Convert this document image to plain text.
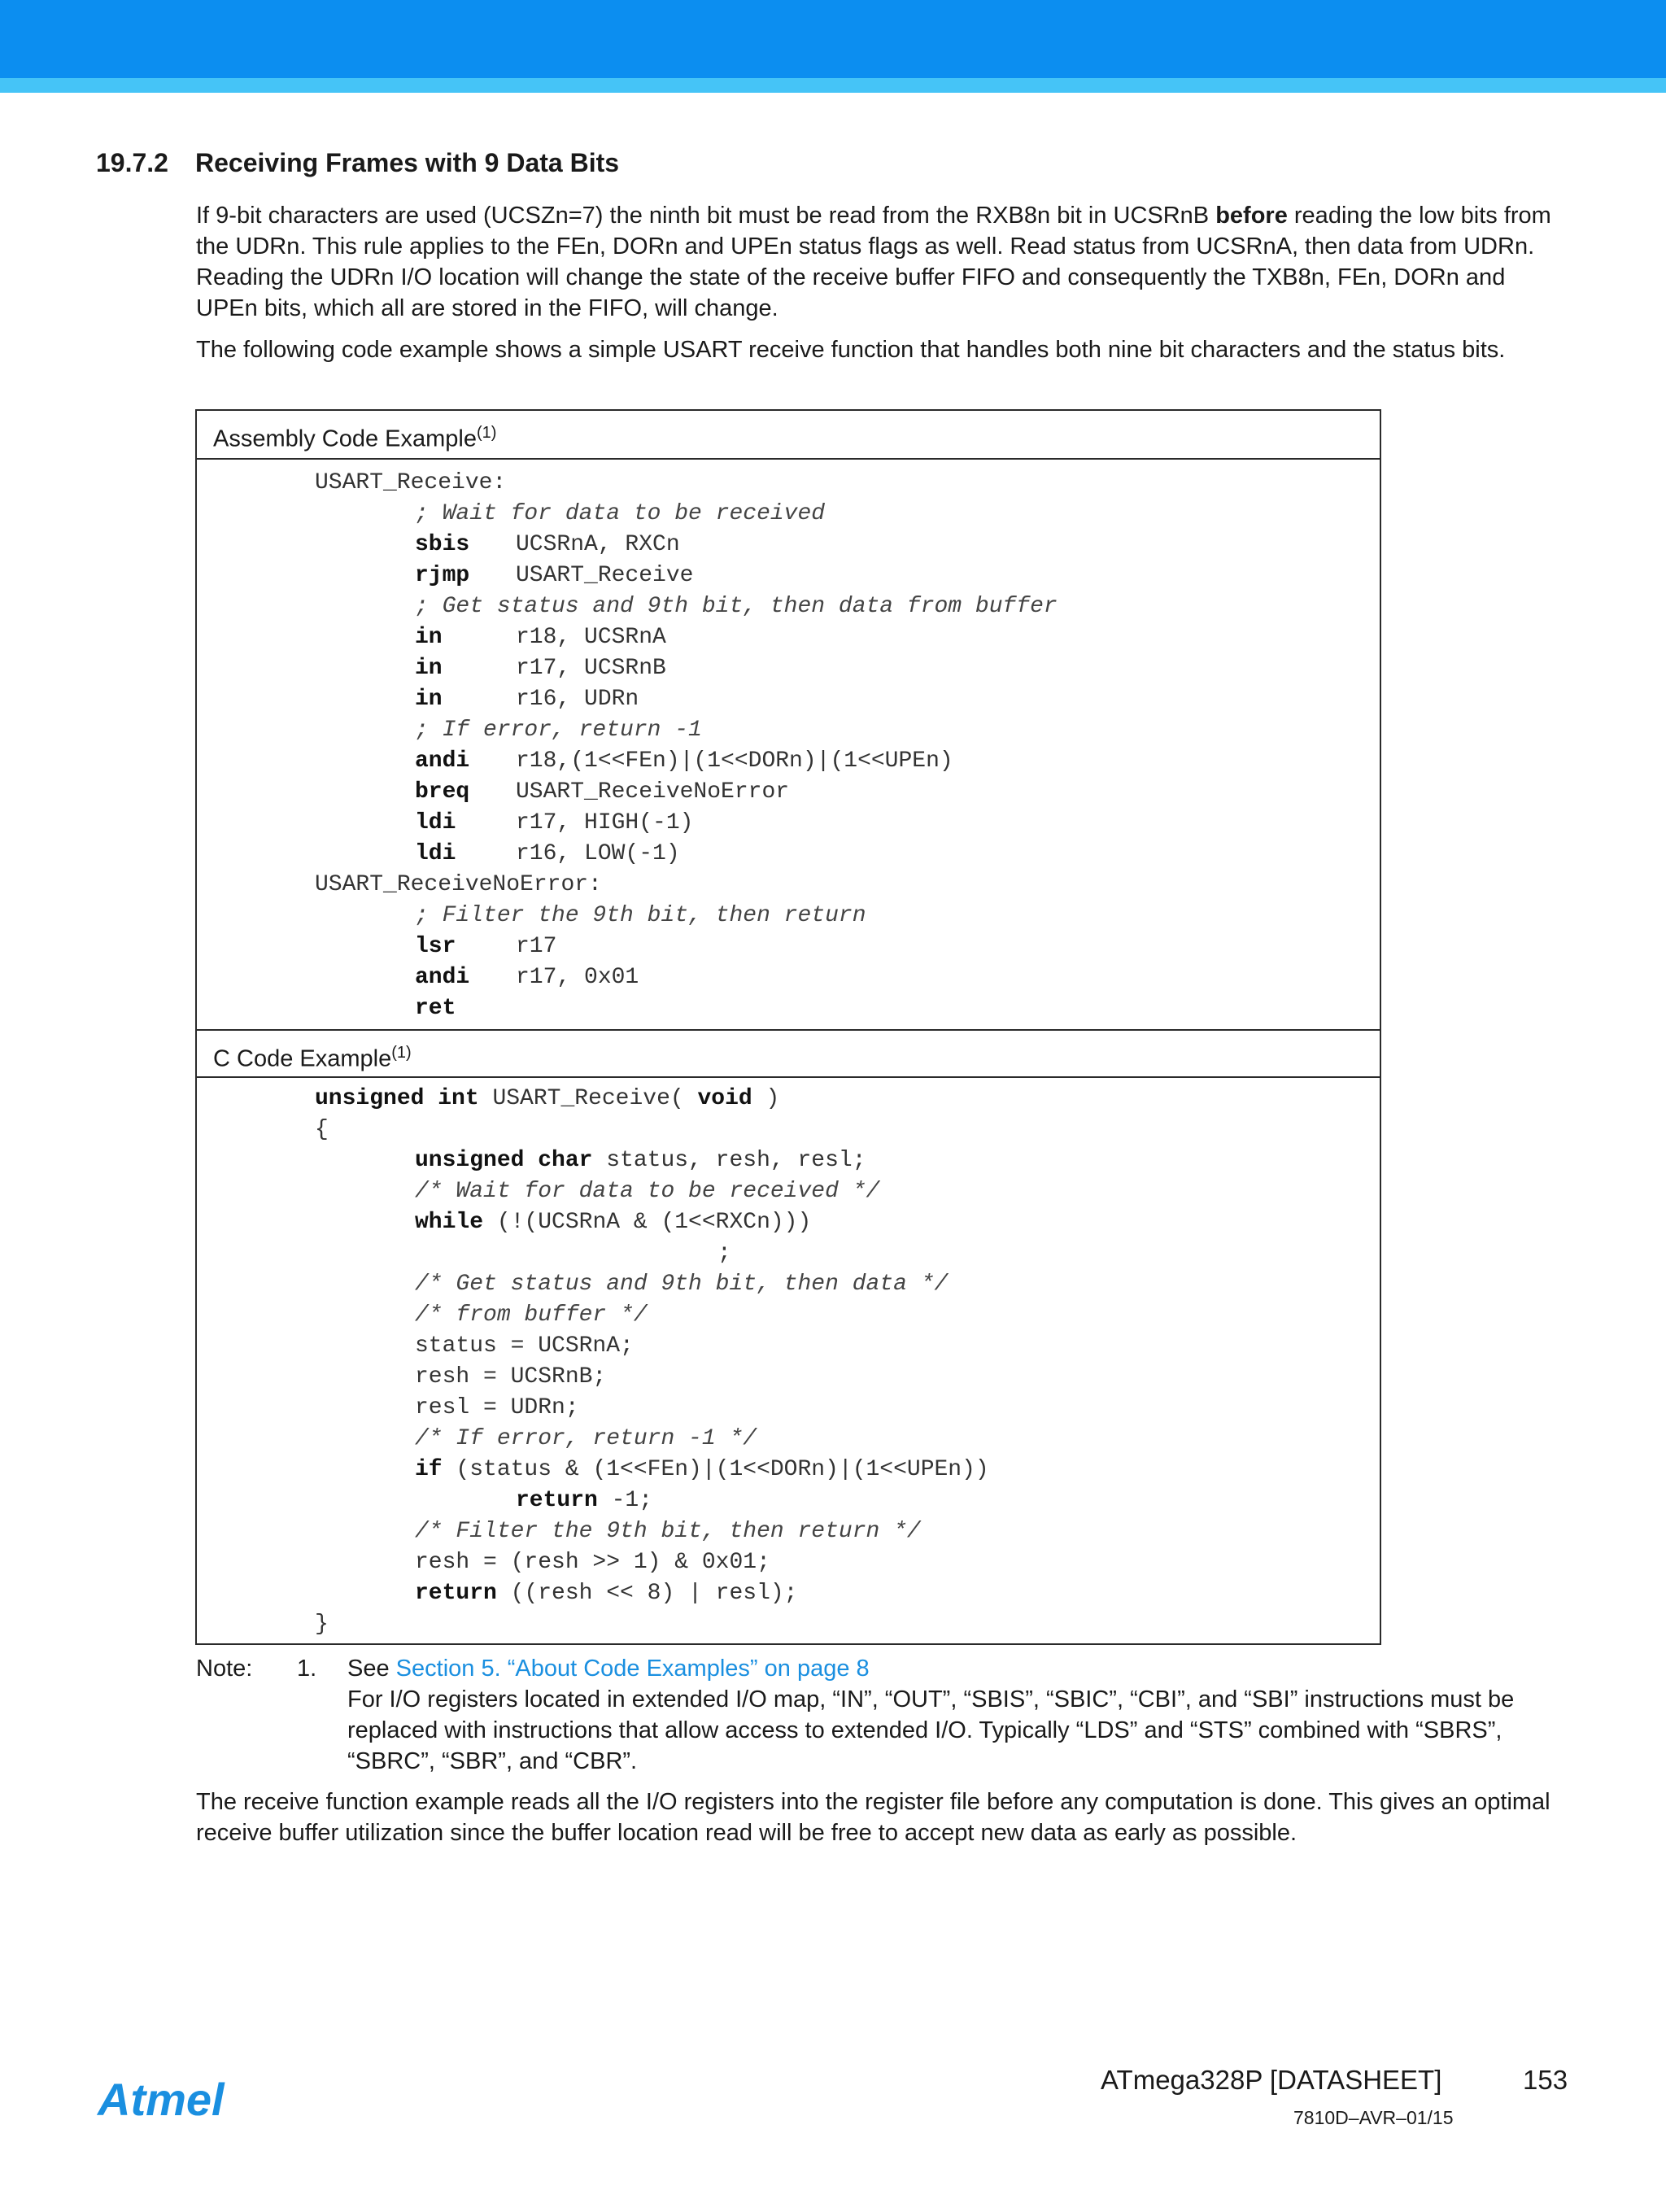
19.7.2 Receiving Frames with 9 Data Bits
If 9-bit characters are used (UCSZn=7) the ninth bit must be read from the RXB8n bit in UCSRnB before reading the low bits from the UDRn. This rule applies to the FEn, DORn and UPEn status flags as well. Read status from UCSRnA, then data from UDRn. Reading the UDRn I/O location will change the state of the receive buffer FIFO and consequently the TXB8n, FEn, DORn and UPEn bits, which all are stored in the FIFO, will change.
The following code example shows a simple USART receive function that handles both nine bit characters and the status bits.
Assembly Code Example$^{(1)}$
USART_Receive:
; Wait for data to be received
sbis UCSRnA, RXCn
rjmp USART_Receive
; Get status and 9th bit, then data from buffer
in	r18, UCSRnA
in	r17, UCSRnB
in	r16, UDRn
; If error, return -1
andi r18,(1<<FEn)|(1<<DORn)|(1<<UPEn)
breq USART_ReceiveNoError
ldi	r17, HIGH(-1)
ldi	r16, LOW(-1)
USART_ReceiveNoError:
; Filter the 9th bit, then return
lsr	r17
andi r17, 0x01
ret
C Code Example$^{(1)}$
unsigned int USART_Receive( void )
{
unsigned char status, resh, resl;
/* Wait for data to be received */
while (!(UCSRnA & (1<<RXCn)))
;
/* Get status and 9th bit, then data */
/* from buffer */
status = UCSRnA;
resh = UCSRnB;
resl = UDRn;
/* If error, return -1 */
if (status & (1<<FEn)|(1<<DORn)|(1<<UPEn))
return -1;
/* Filter the 9th bit, then return */
resh = (resh >> 1) & 0x01;
return ((resh << 8) | resl);
}
Note: 1. See Section 5. “About Code Examples” on page 8
For I/O registers located in extended I/O map, “IN”, “OUT”, “SBIS”, “SBIC”, “CBI”, and “SBI” instructions must be replaced with instructions that allow access to extended I/O. Typically “LDS” and “STS” combined with “SBRS”, “SBRC”, “SBR”, and “CBR”.
The receive function example reads all the I/O registers into the register file before any computation is done. This gives an optimal receive buffer utilization since the buffer location read will be free to accept new data as early as possible.
Atmel	ATmega328P [DATASHEET]	153
7810D–AVR–01/15
